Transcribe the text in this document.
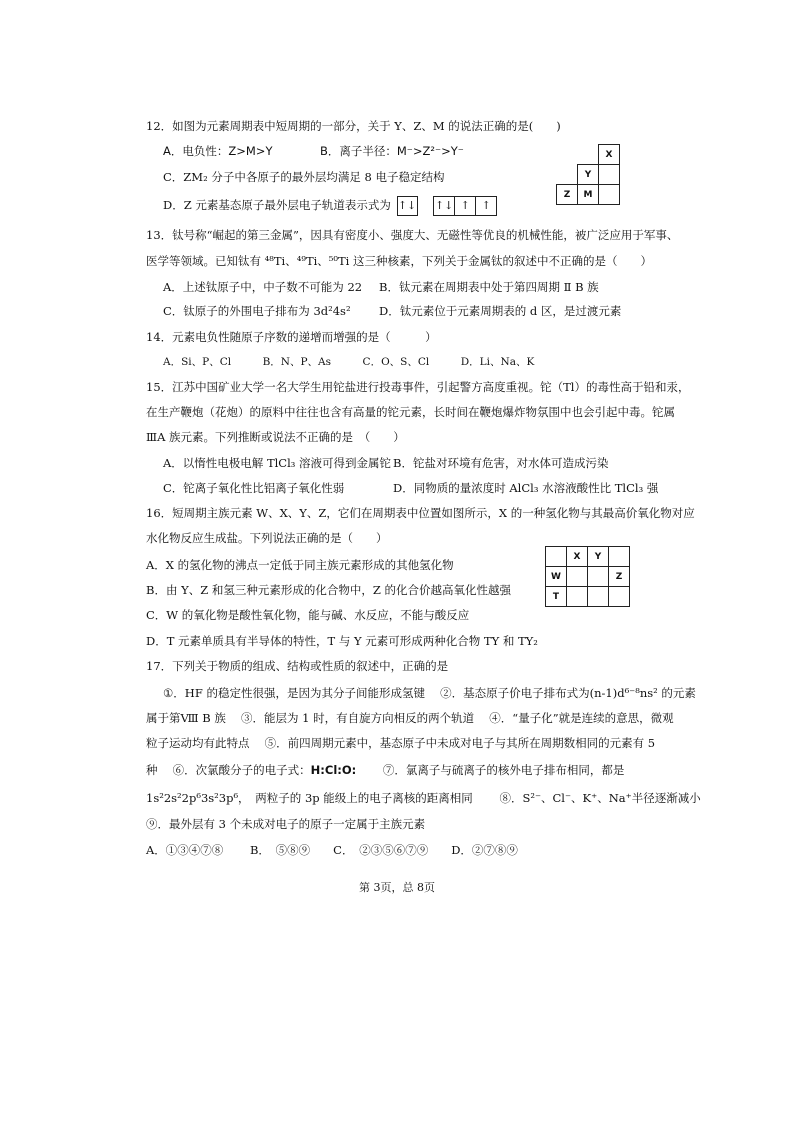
12．如图为元素周期表中短周期的一部分，关于 Y、Z、M 的说法正确的是(　　)
A．电负性：Z>M>Y	B．离子半径：M⁻>Z²⁻>Y⁻
C．ZM₂ 分子中各原子的最外层均满足 8 电子稳定结构
D．Z 元素基态原子最外层电子轨道表示式为 ↑↓ ↑↓ ↑ ↑
		X
	Y	
Z	M	
13．钛号称“崛起的第三金属”，因具有密度小、强度大、无磁性等优良的机械性能，被广泛应用于军事、
医学等领域。已知钛有 ⁴⁸Ti、⁴⁹Ti、⁵⁰Ti 这三种核素，下列关于金属钛的叙述中不正确的是（　　）
A．上述钛原子中，中子数不可能为 22 B．钛元素在周期表中处于第四周期 Ⅱ B 族
C．钛原子的外围电子排布为 3d²4s² D．钛元素位于元素周期表的 d 区，是过渡元素
14．元素电负性随原子序数的递增而增强的是（　　　）
A．Si、P、Cl　　　B．N、P、As　　　C．O、S、Cl　　　D．Li、Na、K
15．江苏中国矿业大学一名大学生用铊盐进行投毒事件，引起警方高度重视。铊（Tl）的毒性高于铅和汞，
在生产鞭炮（花炮）的原料中往往也含有高量的铊元素，长时间在鞭炮爆炸物氛围中也会引起中毒。铊属
ⅢA 族元素。下列推断或说法不正确的是　（　　）
A．以惰性电极电解 TlCl₃ 溶液可得到金属铊 B．铊盐对环境有危害，对水体可造成污染
C．铊离子氧化性比铝离子氧化性弱	D．同物质的量浓度时 AlCl₃ 水溶液酸性比 TlCl₃ 强
16．短周期主族元素 W、X、Y、Z，它们在周期表中位置如图所示，X 的一种氢化物与其最高价氧化物对应
水化物反应生成盐。下列说法正确的是（　　）
A．X 的氢化物的沸点一定低于同主族元素形成的其他氢化物
B．由 Y、Z 和氢三种元素形成的化合物中，Z 的化合价越高氧化性越强
C．W 的氧化物是酸性氧化物，能与碱、水反应，不能与酸反应
D．T 元素单质具有半导体的特性，T 与 Y 元素可形成两种化合物 TY 和 TY₂
	X	Y	
W			Z
T			
17．下列关于物质的组成、结构或性质的叙述中，正确的是
①．HF 的稳定性很强，是因为其分子间能形成氢键　 ②．基态原子价电子排布式为(n-1)d⁶⁻⁸ns² 的元素
属于第Ⅷ B 族　 ③．能层为 1 时，有自旋方向相反的两个轨道　 ④．“量子化”就是连续的意思，微观
粒子运动均有此特点　 ⑤．前四周期元素中，基态原子中未成对电子与其所在周期数相同的元素有 5
种　 ⑥．次氯酸分子的电子式：H:Cl:O:　　 ⑦．氯离子与硫离子的核外电子排布相同，都是
1s²2s²2p⁶3s²3p⁶，　两粒子的 3p 能级上的电子离核的距离相同　　 ⑧．S²⁻、Cl⁻、K⁺、Na⁺半径逐渐减小
⑨．最外层有 3 个未成对电子的原子一定属于主族元素
A．①③④⑦⑧　　 B．　⑤⑧⑨　　C．　②③⑤⑥⑦⑨　　D．②⑦⑧⑨
第 3页，总 8页
